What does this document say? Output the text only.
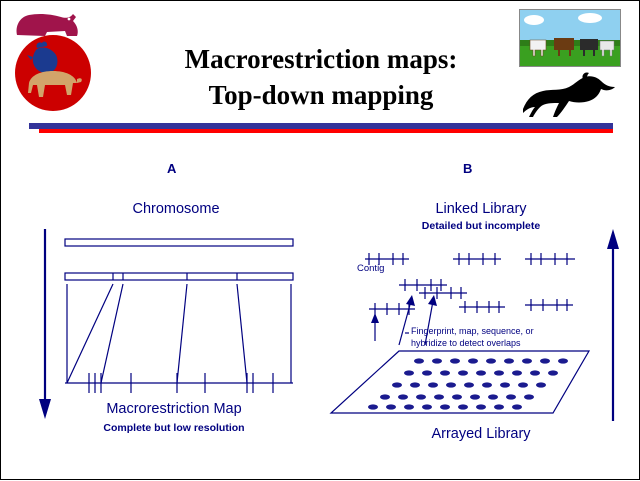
Macrorestriction maps:
Top-down mapping
A	B
Chromosome
Macrorestriction Map
Complete but low resolution
Linked Library
Detailed but incomplete
Contig
Fingerprint, map, sequence, or
hybridize to detect overlaps
Arrayed Library
